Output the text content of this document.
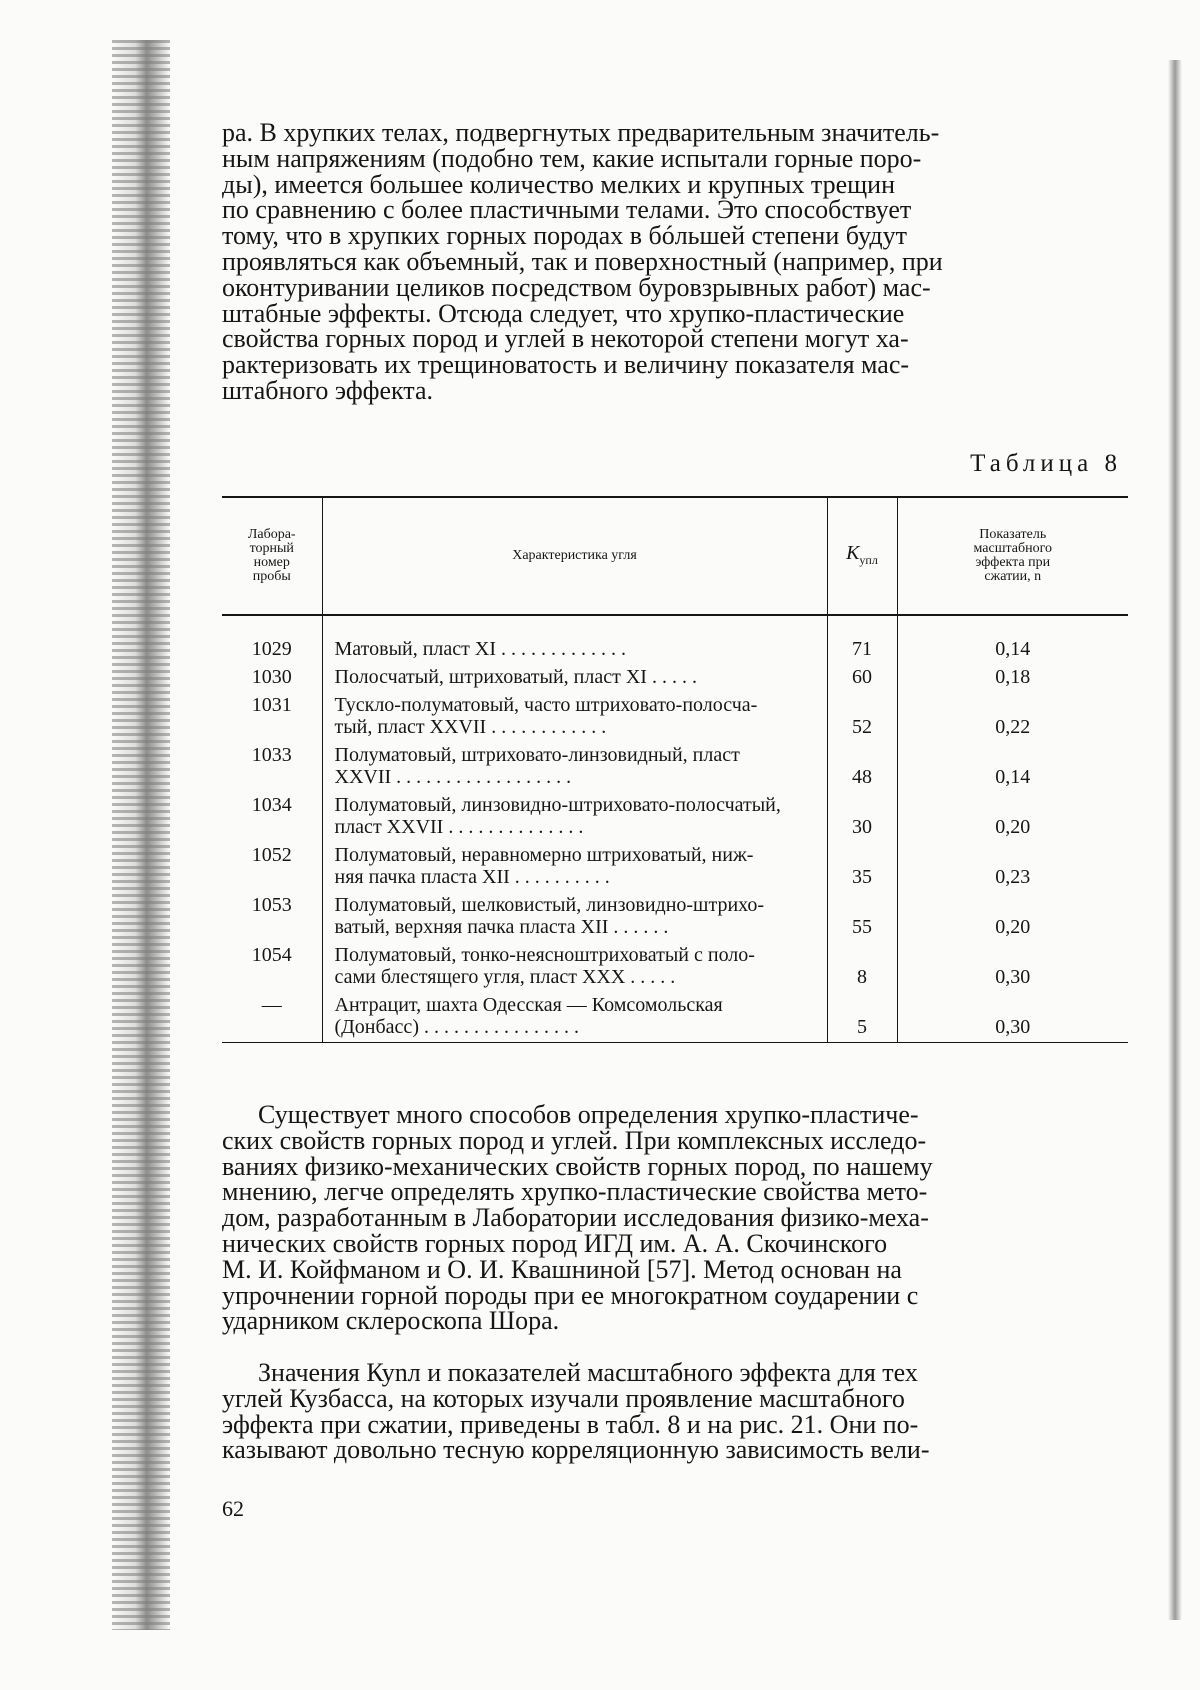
ра. В хрупких телах, подвергнутых предварительным значитель-
ным напряжениям (подобно тем, какие испытали горные поро-
ды), имеется большее количество мелких и крупных трещин
по сравнению с более пластичными телами. Это способствует
тому, что в хрупких горных породах в бóльшей степени будут
проявляться как объемный, так и поверхностный (например, при
оконтуривании целиков посредством буровзрывных работ) мас-
штабные эффекты. Отсюда следует, что хрупко-пластические
свойства горных пород и углей в некоторой степени могут ха-
рактеризовать их трещиноватость и величину показателя мас-
штабного эффекта.

Таблица 8
Лабора-
торный
номер
пробы	Характеристика угля	Купл	Показатель
масштабного
эффекта при
сжатии, n
1029	Матовый, пласт XI . . . . . . . . . . . . .	71	0,14
1030	Полосчатый, штриховатый, пласт XI . . . . .	60	0,18
1031	Тускло-полуматовый, часто штриховато-полосча-
тый, пласт XXVII . . . . . . . . . . . .	52	0,22
1033	Полуматовый, штриховато-линзовидный, пласт
XXVII . . . . . . . . . . . . . . . . . .	48	0,14
1034	Полуматовый, линзовидно-штриховато-полосчатый,
пласт XXVII . . . . . . . . . . . . . .	30	0,20
1052	Полуматовый, неравномерно штриховатый, ниж-
няя пачка пласта XII . . . . . . . . . .	35	0,23
1053	Полуматовый, шелковистый, линзовидно-штрихо-
ватый, верхняя пачка пласта XII . . . . . .	55	0,20
1054	Полуматовый, тонко-неясноштриховатый с поло-
сами блестящего угля, пласт XXX . . . . .	8	0,30
—	Антрацит, шахта Одесская — Комсомольская
(Донбасс) . . . . . . . . . . . . . . . .	5	0,30

Существует много способов определения хрупко-пластиче-
ских свойств горных пород и углей. При комплексных исследо-
ваниях физико-механических свойств горных пород, по нашему
мнению, легче определять хрупко-пластические свойства мето-
дом, разработанным в Лаборатории исследования физико-меха-
нических свойств горных пород ИГД им. А. А. Скочинского
М. И. Койфманом и О. И. Квашниной [57]. Метод основан на
упрочнении горной породы при ее многократном соударении с
ударником склероскопа Шора.

Значения Куnл и показателей масштабного эффекта для тех
углей Кузбасса, на которых изучали проявление масштабного
эффекта при сжатии, приведены в табл. 8 и на рис. 21. Они по-
казывают довольно тесную корреляционную зависимость вели-

62
